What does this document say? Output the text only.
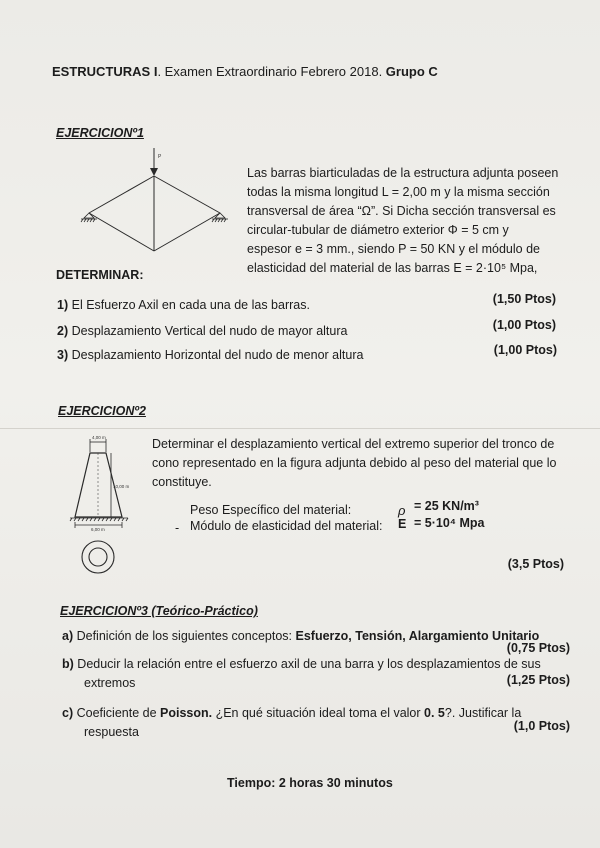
ESTRUCTURAS I. Examen Extraordinario Febrero 2018. Grupo C
EJERCICIONº1
P
Las barras biarticuladas de la estructura adjunta poseen
todas la misma longitud L = 2,00 m y la misma sección
transversal de área “Ω”. Si Dicha sección transversal es
circular-tubular de diámetro exterior Φ = 5 cm y
espesor e = 3 mm., siendo P = 50 KN y el módulo de
elasticidad del material de las barras E = 2·10⁵ Mpa,
DETERMINAR:
1) El Esfuerzo Axil en cada una de las barras.	(1,50 Ptos)
2) Desplazamiento Vertical del nudo de mayor altura	(1,00 Ptos)
3) Desplazamiento Horizontal del nudo de menor altura	(1,00 Ptos)
EJERCICIONº2
4,00 m
10,00 m
6,00 m
Determinar el desplazamiento vertical del extremo superior del tronco de
cono representado en la figura adjunta debido al peso del material que lo
constituye.
Peso Específico del material:	ρ = 25 KN/m³
- Módulo de elasticidad del material: E = 5·10⁴ Mpa
(3,5 Ptos)
EJERCICIONº3 (Teórico-Práctico)
a) Definición de los siguientes conceptos: Esfuerzo, Tensión, Alargamiento Unitario
(0,75 Ptos)
b) Deducir la relación entre el esfuerzo axil de una barra y los desplazamientos de sus
extremos	(1,25 Ptos)
c) Coeficiente de Poisson. ¿En qué situación ideal toma el valor 0. 5?. Justificar la
respuesta	(1,0 Ptos)
Tiempo: 2 horas 30 minutos
